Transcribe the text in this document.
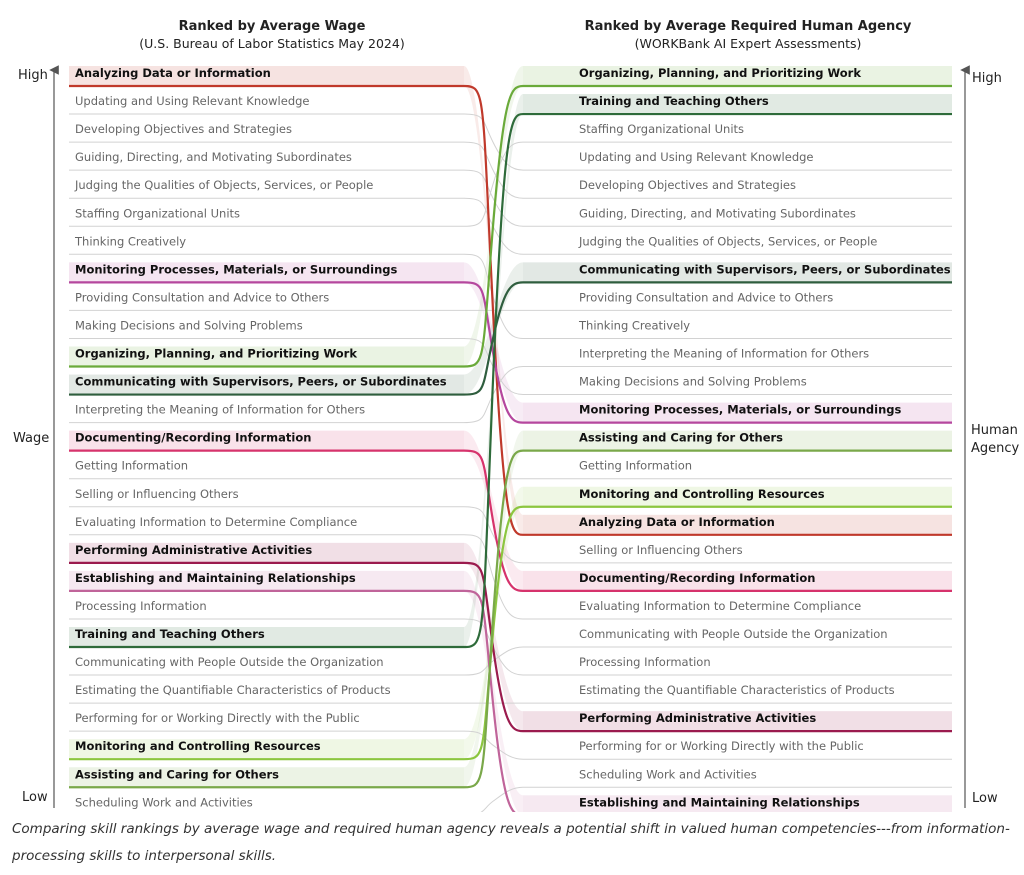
Ranked by Average Wage
(U.S. Bureau of Labor Statistics May 2024)
Ranked by Average Required Human Agency
(WORKBank AI Expert Assessments)
High
Wage
Low
High
Human
Agency
Low
Analyzing Data or Information
Updating and Using Relevant Knowledge
Developing Objectives and Strategies
Guiding, Directing, and Motivating Subordinates
Judging the Qualities of Objects, Services, or People
Staffing Organizational Units
Thinking Creatively
Monitoring Processes, Materials, or Surroundings
Providing Consultation and Advice to Others
Making Decisions and Solving Problems
Organizing, Planning, and Prioritizing Work
Communicating with Supervisors, Peers, or Subordinates
Interpreting the Meaning of Information for Others
Documenting/Recording Information
Getting Information
Selling or Influencing Others
Evaluating Information to Determine Compliance
Performing Administrative Activities
Establishing and Maintaining Relationships
Processing Information
Training and Teaching Others
Communicating with People Outside the Organization
Estimating the Quantifiable Characteristics of Products
Performing for or Working Directly with the Public
Monitoring and Controlling Resources
Assisting and Caring for Others
Scheduling Work and Activities
Analyzing Data or Information
Updating and Using Relevant Knowledge
Developing Objectives and Strategies
Guiding, Directing, and Motivating Subordinates
Judging the Qualities of Objects, Services, or People
Staffing Organizational Units
Thinking Creatively
Monitoring Processes, Materials, or Surroundings
Providing Consultation and Advice to Others
Making Decisions and Solving Problems
Organizing, Planning, and Prioritizing Work
Communicating with Supervisors, Peers, or Subordinates
Interpreting the Meaning of Information for Others
Documenting/Recording Information
Getting Information
Selling or Influencing Others
Evaluating Information to Determine Compliance
Performing Administrative Activities
Establishing and Maintaining Relationships
Processing Information
Training and Teaching Others
Communicating with People Outside the Organization
Estimating the Quantifiable Characteristics of Products
Performing for or Working Directly with the Public
Monitoring and Controlling Resources
Assisting and Caring for Others
Scheduling Work and Activities

Comparing skill rankings by average wage and required human agency reveals a potential shift in valued human competencies---from information-processing skills to interpersonal skills.
